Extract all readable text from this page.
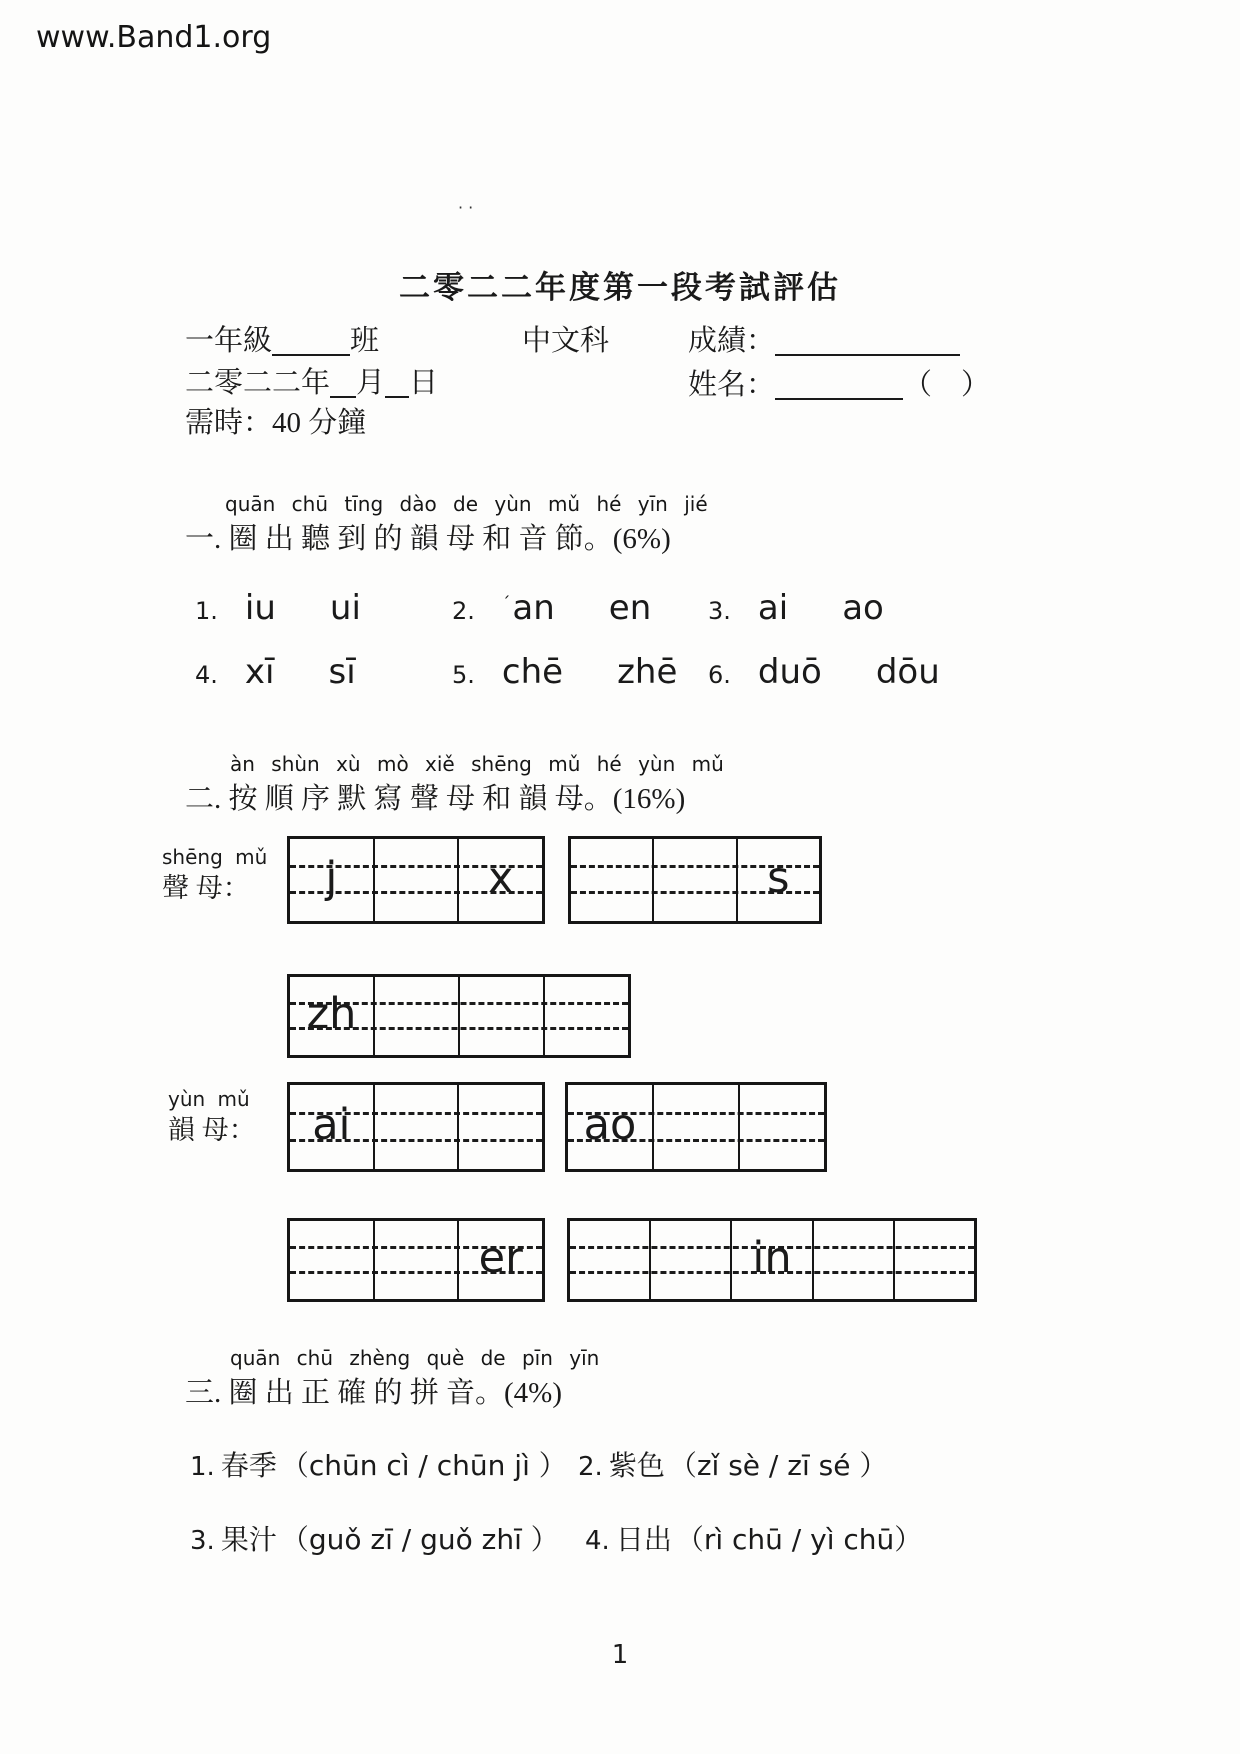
www.Band1.org
··
二零二二年度第一段考試評估
一年級	班	中文科	成績：
二零二二年 月 日	姓名：	（　）
需時：40 分鐘
quān chū tīng dào de yùn mǔ hé yīn jié
一. 圈 出 聽 到 的 韻 母 和 音 節。(6%)
1. iu ui	2. ˊan en 3. ai ao
4. xī sī	5. chē zhē 6. duō dōu
àn shùn xù mò xiě shēng mǔ hé yùn mǔ
二. 按 順 序 默 寫 聲 母 和 韻 母。(16%)
shēng mǔ
聲 母：	j	x	s
zh
yùn mǔ
韻 母： ai	ao
er	in
quān chū zhèng què de pīn yīn
三. 圈 出 正 確 的 拼 音。(4%)
1. 春季 （chūn cì / chūn jì ） 2. 紫色 （zǐ sè / zī sé ）
3. 果汁 （guǒ zī / guǒ zhī ） 4. 日出 （rì chū / yì chū）
1
